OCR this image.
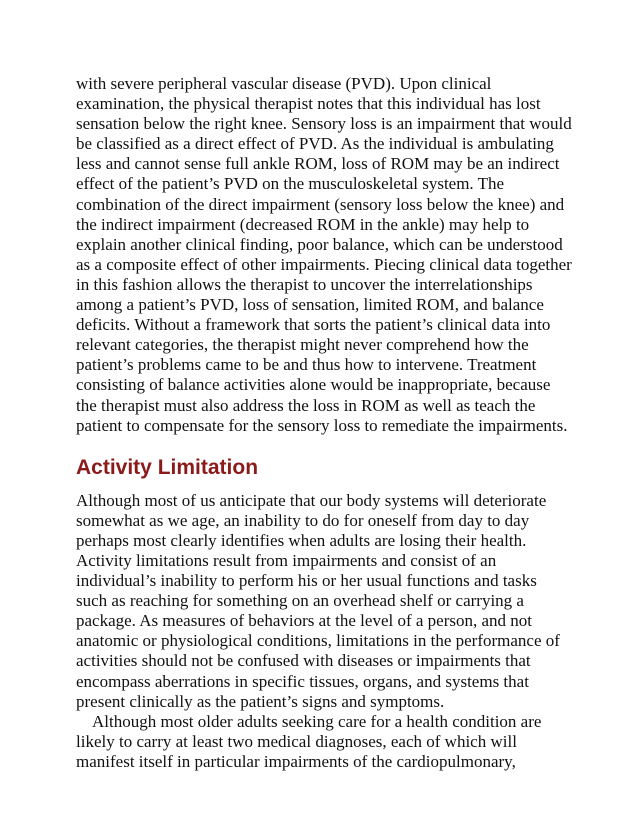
with severe peripheral vascular disease (PVD). Upon clinical examination, the physical therapist notes that this individual has lost sensation below the right knee. Sensory loss is an impairment that would be classified as a direct effect of PVD. As the individual is ambulating less and cannot sense full ankle ROM, loss of ROM may be an indirect effect of the patient’s PVD on the musculoskeletal system. The combination of the direct impairment (sensory loss below the knee) and the indirect impairment (decreased ROM in the ankle) may help to explain another clinical finding, poor balance, which can be understood as a composite effect of other impairments. Piecing clinical data together in this fashion allows the therapist to uncover the interrelationships among a patient’s PVD, loss of sensation, limited ROM, and balance deficits. Without a framework that sorts the patient’s clinical data into relevant categories, the therapist might never comprehend how the patient’s problems came to be and thus how to intervene. Treatment consisting of balance activities alone would be inappropriate, because the therapist must also address the loss in ROM as well as teach the patient to compensate for the sensory loss to remediate the impairments.

Activity Limitation

Although most of us anticipate that our body systems will deteriorate somewhat as we age, an inability to do for oneself from day to day perhaps most clearly identifies when adults are losing their health. Activity limitations result from impairments and consist of an individual’s inability to perform his or her usual functions and tasks such as reaching for something on an overhead shelf or carrying a package. As measures of behaviors at the level of a person, and not anatomic or physiological conditions, limitations in the performance of activities should not be confused with diseases or impairments that encompass aberrations in specific tissues, organs, and systems that present clinically as the patient’s signs and symptoms.

Although most older adults seeking care for a health condition are likely to carry at least two medical diagnoses, each of which will manifest itself in particular impairments of the cardiopulmonary,
